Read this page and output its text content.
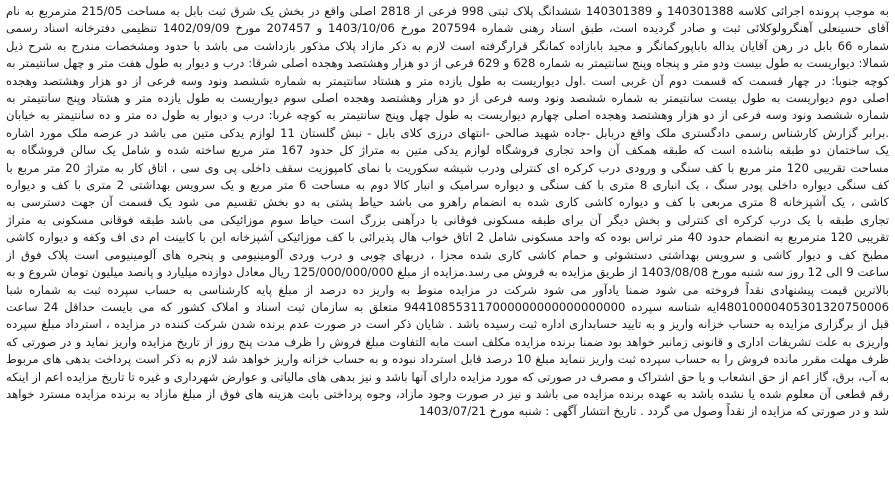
به موجب پرونده اجرائی کلاسه 140301388 و 140301389 ششدانگ پلاک ثبتی 998 فرعی از 2818 اصلی واقع در بخش یک شرق ثبت بابل به مساحت 215/05 مترمربع به نام
آقای حسینعلی آهنگرولوکلائی ثبت و صادر گردیده است، طبق اسناد رهنی شماره 207594 مورخ 1403/10/06 و 207457 مورخ 1402/09/09 تنظیمی دفترخانه اسناد رسمی
شماره 66 بابل در رهن آقایان یداله باباپورکمانگر و مجید بابازاده کمانگر قرارگرفته است لازم به ذکر مازاد پلاک مذکور بازداشت می باشد با حدود ومشخصات مندرج به شرح ذیل
شمالا: دیواریست به طول بیست ودو متر و پنجاه وپنج سانتیمتر به شماره 628 و 629 فرعی از دو هزار وهشتصد وهجده اصلی شرقا: درب و دیوار به طول هفت متر و چهل سانتیمتر به
کوچه جنوبا: در چهار قسمت که قسمت دوم آن غربی است .اول دیواریست به طول یازده متر و هشتاد سانتیمتر به شماره ششصد ونود وسه فرعی از دو هزار وهشتصد وهجده
اصلی دوم دیواریست به طول بیست سانتیمتر به شماره ششصد ونود وسه فرعی از دو هزار وهشتصد وهجده اصلی سوم دیواریست به طول یازده متر و هشتاد وپنج سانتیمتر به
شماره ششصد ونود وسه فرعی از دو هزار وهشتصد وهجده اصلی چهارم دیواریست به طول چهل وپنج سانتیمتر به کوچه غربا: درب و دیوار به طول ده متر و ده سانتیمتر به خیابان
.برابر گزارش کارشناس رسمی دادگستری ملک واقع دربابل -جاده شهید صالحی -انتهای درزی کلای بابل - نبش گلستان 11 لوازم یدکی متین می باشد در عرصه ملک مورد اشاره
یک ساختمان دو طبقه بناشده است که طبقه همکف آن واحد تجاری فروشگاه لوازم یدکی متین به متراژ کل حدود 167 متر مربع ساخته شده و شامل یک سالن فروشگاه به
مساحت تقریبی 120 متر مربع با کف سنگی و ورودی درب کرکره ای کنترلی ودرب شیشه سکوریت با نمای کامپوزیت سقف داخلی پی وی سی ، اتاق کار به متراژ 20 متر مربع با
کف سنگی دیواره داخلی پودر سنگ ، یک انباری 8 متری با کف سنگی و دیواره سرامیک و انبار کالا دوم به مساحت 6 متر مربع و یک سرویس بهداشتی 2 متری با کف و دیواره
کاشی ، یک آشپزخانه 8 متری مربعی با کف و دیواره کاشی کاری شده به انضمام راهرو می باشد حیاط پشتی به دو بخش تقسیم می شود یک قسمت آن جهت دسترسی به
تجاری طبقه با یک درب کرکره ای کنترلی و بخش دیگر آن برای طبقه مسکونی فوقانی با درآهنی بزرگ است حیاط سوم موزائیکی می باشد طبقه فوقانی مسکونی به متراژ
تقریبی 120 مترمربع به انضمام حدود 40 متر تراس بوده که واحد مسکونی شامل 2 اتاق خواب هال پذیرائی با کف موزائیکی آشپزخانه این با کابینت ام دی اف وکفه و دیواره کاشی
مطبخ کف و دیوار کاشی و سرویس بهداشتی دستشوئی و حمام کاشی کاری شده مجزا ، دربهای چوبی و درب وردی آلومینیومی و پنجره های آلومینیومی است پلاک فوق از
ساعت 9 الی 12 روز سه شنبه مورخ 1403/08/08 از طریق مزایده به فروش می رسد.مزایده از مبلغ 125/000/000/000 ریال معادل دوازده میلیارد و پانصد میلیون تومان شروع و به
بالاترین قیمت پیشنهادی نقداً فروخته می شود ضمنا یادآور می شود شرکت در مزایده منوط به واریز ده درصد از مبلغ پایه کارشناسی به حساب سپرده ثبت به شماره شبا
48010000405301320750006ایه شناسه سپرده 944108553117000000000000000000 متعلق به سازمان ثبت اسناد و املاک کشور که می بایست حداقل 24 ساعت
قبل از برگزاری مزایده به حساب خزانه واریز و به تایید حسابداری اداره ثبت رسیده باشد . شایان ذکر است در صورت عدم برنده شدن شرکت کننده در مزایده ، استرداد مبلغ سپرده
واریزی به علت تشریفات اداری و قانونی زمانبر خواهد بود ضمنا برنده مزایده مکلف است مابه التفاوت مبلغ فروش را ظرف مدت پنج روز از تاریخ مزایده واریز نماید و در صورتی که
ظرف مهلت مقرر مانده فروش را به حساب سپرده ثبت واریز ننماید مبلغ 10 درصد قابل استرداد نبوده و به حساب خزانه واریز خواهد شد لازم به ذکر است پرداخت بدهی های مربوط
به آب، برق، گاز اعم از حق انشعاب و یا حق اشتراک و مصرف در صورتی که مورد مزایده دارای آنها باشد و نیز بدهی های مالیاتی و عوارض شهرداری و غیره تا تاریخ مزایده اعم از اینکه
رقم قطعی آن معلوم شده یا نشده باشد به عهده برنده مزایده می باشد و نیز در صورت وجود مازاد، وجوه پرداختی بابت هزینه های فوق از مبلغ مازاد به برنده مزایده مسترد خواهد
شد و در صورتی که مزایده از نقداً وصول می گردد . تاریخ انتشار آگهی : شنبه مورخ 1403/07/21
